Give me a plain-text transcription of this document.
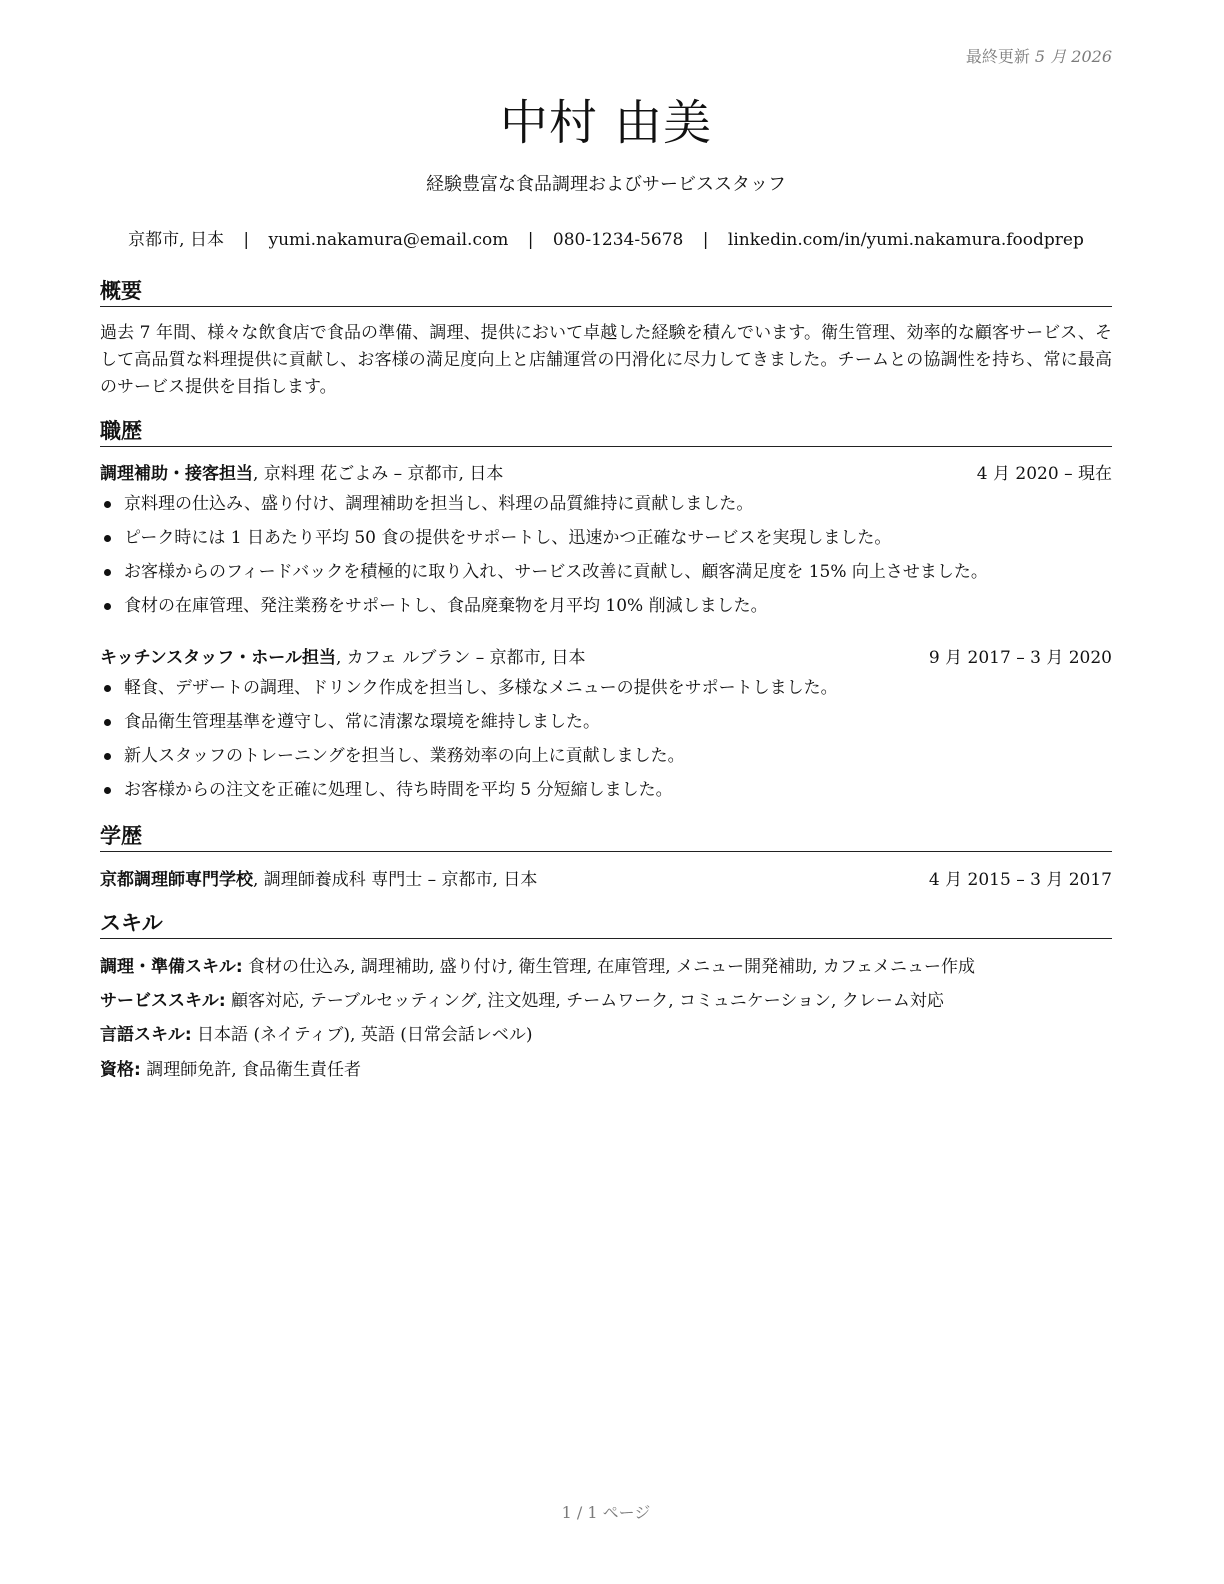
最終更新 5 月 2026
中村 由美
経験豊富な食品調理およびサービススタッフ
京都市, 日本 | yumi.nakamura@email.com | 080-1234-5678 | linkedin.com/in/yumi.nakamura.foodprep
概要
過去 7 年間、様々な飲食店で食品の準備、調理、提供において卓越した経験を積んでいます。衛生管理、効率的な顧客サービス、そして高品質な料理提供に貢献し、お客様の満足度向上と店舗運営の円滑化に尽力してきました。チームとの協調性を持ち、常に最高のサービス提供を目指します。
職歴
調理補助・接客担当, 京料理 花ごよみ – 京都市, 日本	4 月 2020 – 現在
京料理の仕込み、盛り付け、調理補助を担当し、料理の品質維持に貢献しました。
ピーク時には 1 日あたり平均 50 食の提供をサポートし、迅速かつ正確なサービスを実現しました。
お客様からのフィードバックを積極的に取り入れ、サービス改善に貢献し、顧客満足度を 15% 向上させました。
食材の在庫管理、発注業務をサポートし、食品廃棄物を月平均 10% 削減しました。
キッチンスタッフ・ホール担当, カフェ ルブラン – 京都市, 日本	9 月 2017 – 3 月 2020
軽食、デザートの調理、ドリンク作成を担当し、多様なメニューの提供をサポートしました。
食品衛生管理基準を遵守し、常に清潔な環境を維持しました。
新人スタッフのトレーニングを担当し、業務効率の向上に貢献しました。
お客様からの注文を正確に処理し、待ち時間を平均 5 分短縮しました。
学歴
京都調理師専門学校, 調理師養成科 専門士 – 京都市, 日本	4 月 2015 – 3 月 2017
スキル
調理・準備スキル: 食材の仕込み, 調理補助, 盛り付け, 衛生管理, 在庫管理, メニュー開発補助, カフェメニュー作成
サービススキル: 顧客対応, テーブルセッティング, 注文処理, チームワーク, コミュニケーション, クレーム対応
言語スキル: 日本語 (ネイティブ), 英語 (日常会話レベル)
資格: 調理師免許, 食品衛生責任者
1 / 1 ページ
